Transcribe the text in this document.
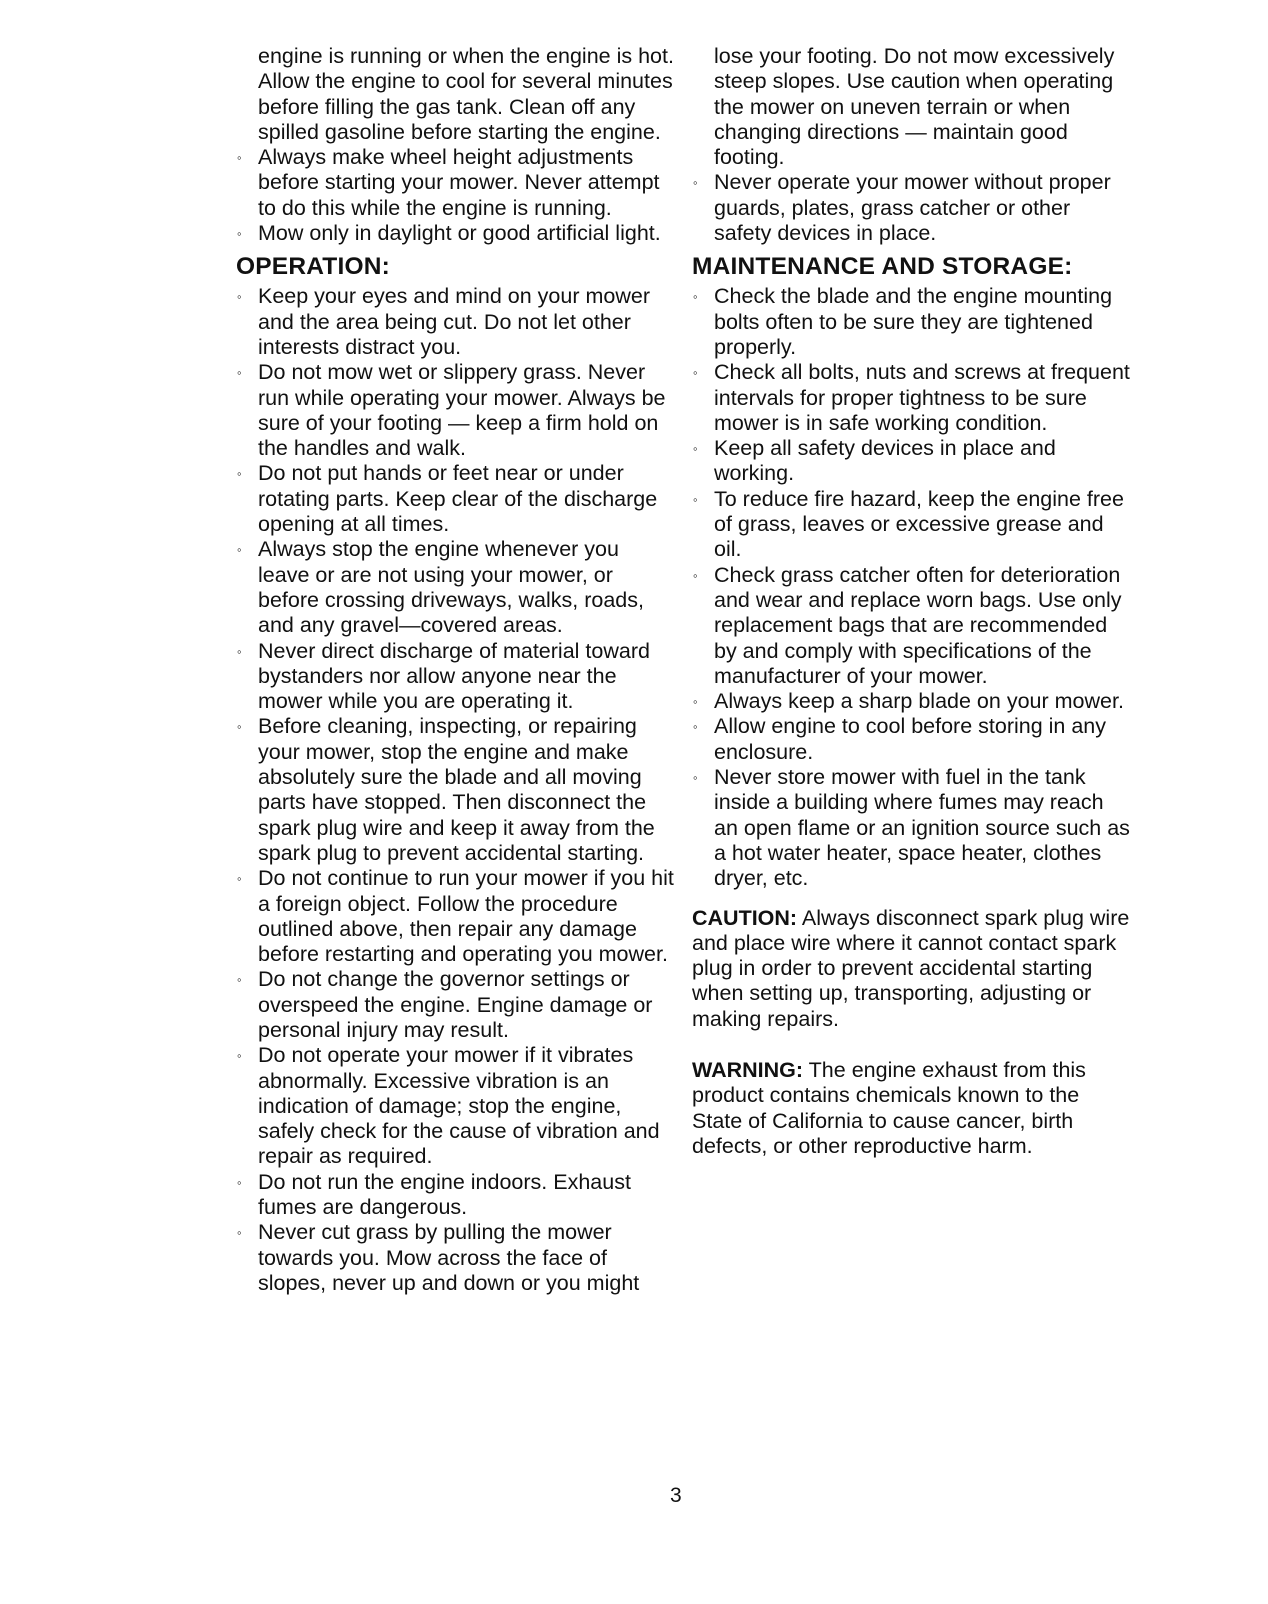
engine is running or when the engine is hot. Allow the engine to cool for several minutes before filling the gas tank. Clean off any spilled gasoline before starting the engine.

◦ Always make wheel height adjustments before starting your mower. Never attempt to do this while the engine is running.
◦ Mow only in daylight or good artificial light.
OPERATION:
◦ Keep your eyes and mind on your mower and the area being cut. Do not let other interests distract you.
◦ Do not mow wet or slippery grass. Never run while operating your mower. Always be sure of your footing — keep a firm hold on the handles and walk.
◦ Do not put hands or feet near or under rotating parts. Keep clear of the discharge opening at all times.
◦ Always stop the engine whenever you leave or are not using your mower, or before crossing driveways, walks, roads, and any gravel—covered areas.
◦ Never direct discharge of material toward bystanders nor allow anyone near the mower while you are operating it.
◦ Before cleaning, inspecting, or repairing your mower, stop the engine and make absolutely sure the blade and all moving parts have stopped. Then disconnect the spark plug wire and keep it away from the spark plug to prevent accidental starting.
◦ Do not continue to run your mower if you hit a foreign object. Follow the procedure outlined above, then repair any damage before restarting and operating you mower.
◦ Do not change the governor settings or overspeed the engine. Engine damage or personal injury may result.
◦ Do not operate your mower if it vibrates abnormally. Excessive vibration is an indication of damage; stop the engine, safely check for the cause of vibration and repair as required.
◦ Do not run the engine indoors. Exhaust fumes are dangerous.
◦ Never cut grass by pulling the mower towards you. Mow across the face of slopes, never up and down or you might

lose your footing. Do not mow excessively steep slopes. Use caution when operating the mower on uneven terrain or when changing directions — maintain good footing.

◦ Never operate your mower without proper guards, plates, grass catcher or other safety devices in place.
MAINTENANCE AND STORAGE:
◦ Check the blade and the engine mounting bolts often to be sure they are tightened properly.
◦ Check all bolts, nuts and screws at frequent intervals for proper tightness to be sure mower is in safe working condition.
◦ Keep all safety devices in place and working.
◦ To reduce fire hazard, keep the engine free of grass, leaves or excessive grease and oil.
◦ Check grass catcher often for deterioration and wear and replace worn bags. Use only replacement bags that are recommended by and comply with specifications of the manufacturer of your mower.
◦ Always keep a sharp blade on your mower.
◦ Allow engine to cool before storing in any enclosure.
◦ Never store mower with fuel in the tank inside a building where fumes may reach an open flame or an ignition source such as a hot water heater, space heater, clothes dryer, etc.

CAUTION: Always disconnect spark plug wire and place wire where it cannot contact spark plug in order to prevent accidental starting when setting up, transporting, adjusting or making repairs.

WARNING: The engine exhaust from this product contains chemicals known to the State of California to cause cancer, birth defects, or other reproductive harm.

3
